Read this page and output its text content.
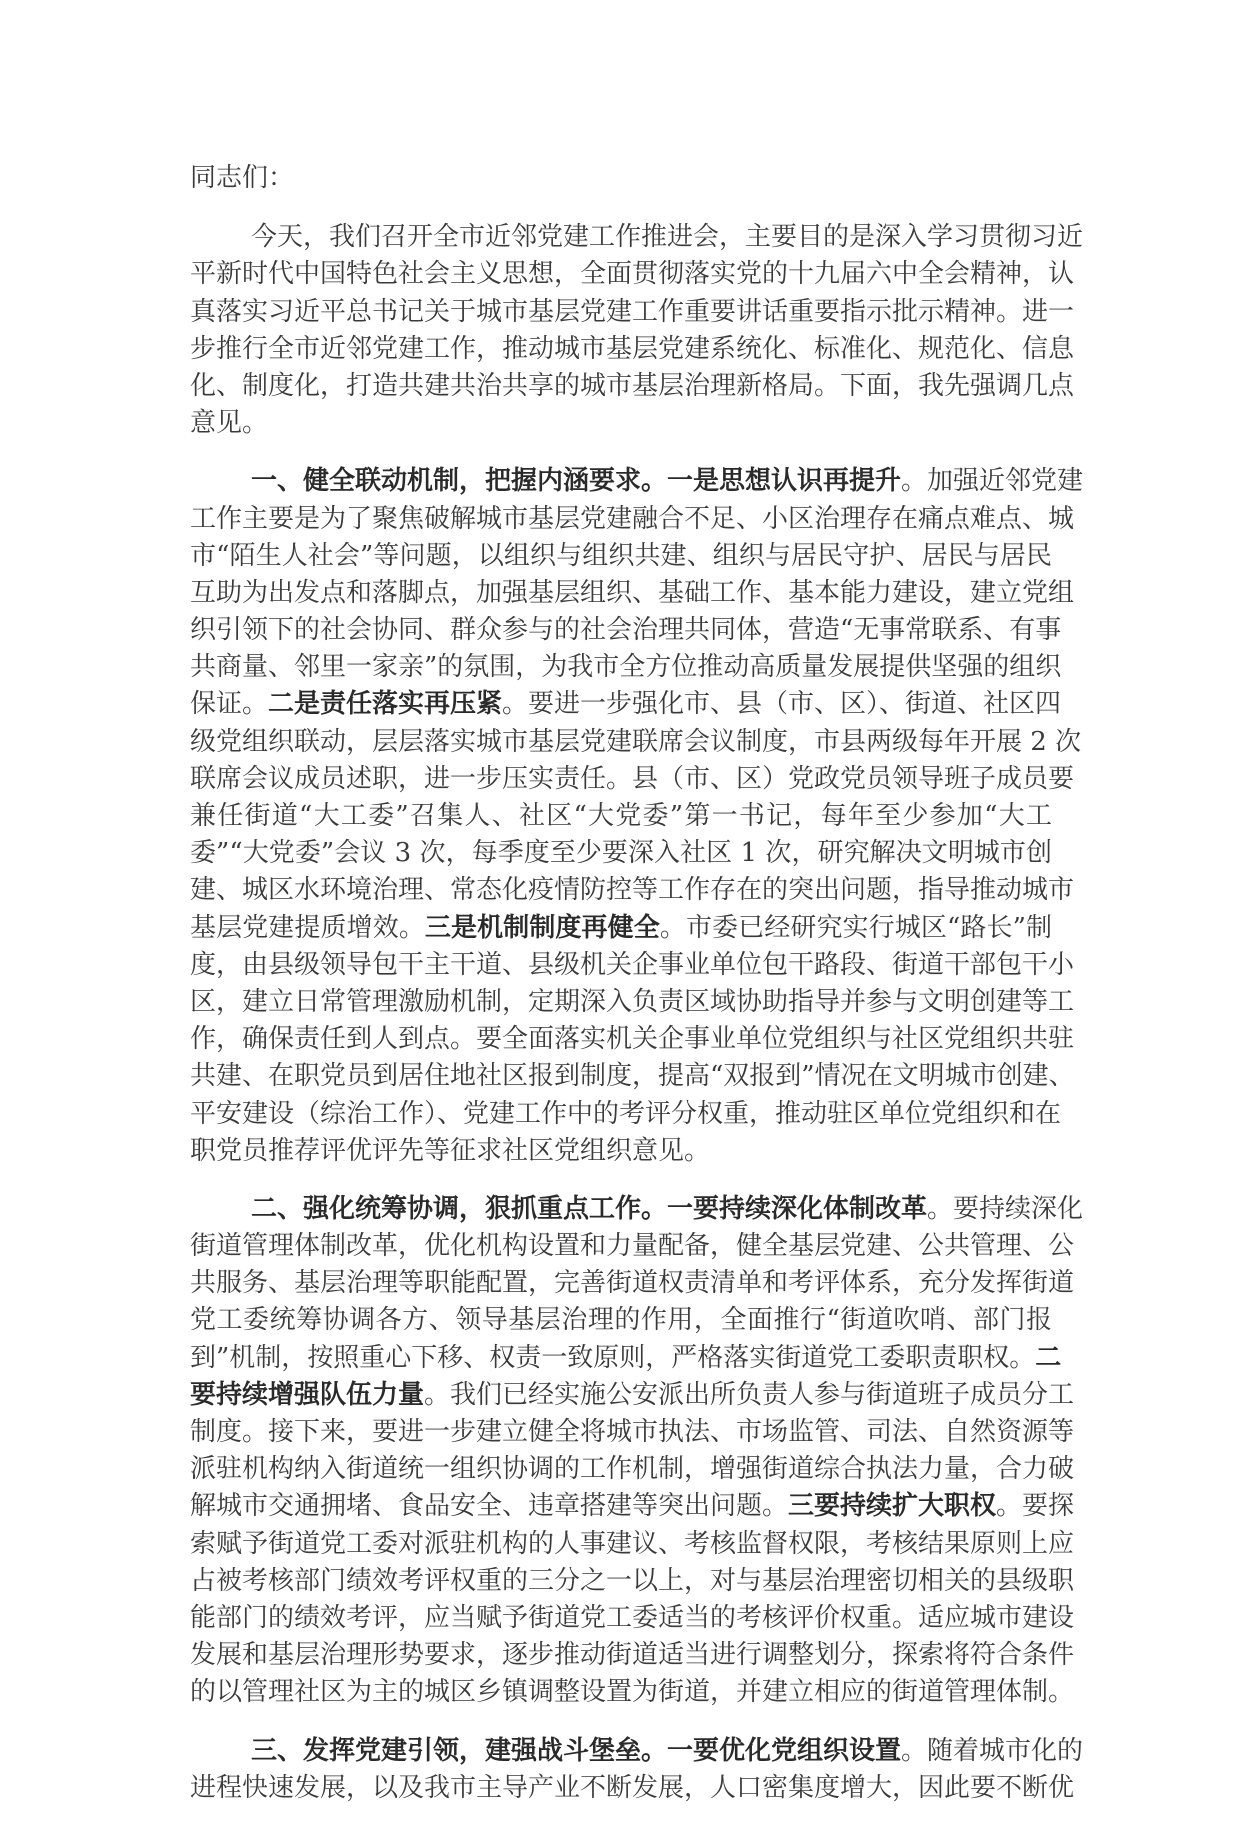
同志们：
今天，我们召开全市近邻党建工作推进会，主要目的是深入学习贯彻习近
平新时代中国特色社会主义思想，全面贯彻落实党的十九届六中全会精神，认
真落实习近平总书记关于城市基层党建工作重要讲话重要指示批示精神。进一
步推行全市近邻党建工作，推动城市基层党建系统化、标准化、规范化、信息
化、制度化，打造共建共治共享的城市基层治理新格局。下面，我先强调几点
意见。
一、健全联动机制，把握内涵要求。一是思想认识再提升。加强近邻党建
工作主要是为了聚焦破解城市基层党建融合不足、小区治理存在痛点难点、城
市“陌生人社会”等问题，以组织与组织共建、组织与居民守护、居民与居民
互助为出发点和落脚点，加强基层组织、基础工作、基本能力建设，建立党组
织引领下的社会协同、群众参与的社会治理共同体，营造“无事常联系、有事
共商量、邻里一家亲”的氛围，为我市全方位推动高质量发展提供坚强的组织
保证。二是责任落实再压紧。要进一步强化市、县（市、区）、街道、社区四
级党组织联动，层层落实城市基层党建联席会议制度，市县两级每年开展 2 次
联席会议成员述职，进一步压实责任。县（市、区）党政党员领导班子成员要
兼任街道“大工委”召集人、社区“大党委”第一书记，每年至少参加“大工
委”“大党委”会议 3 次，每季度至少要深入社区 1 次，研究解决文明城市创
建、城区水环境治理、常态化疫情防控等工作存在的突出问题，指导推动城市
基层党建提质增效。三是机制制度再健全。市委已经研究实行城区“路长”制
度，由县级领导包干主干道、县级机关企事业单位包干路段、街道干部包干小
区，建立日常管理激励机制，定期深入负责区域协助指导并参与文明创建等工
作，确保责任到人到点。要全面落实机关企事业单位党组织与社区党组织共驻
共建、在职党员到居住地社区报到制度，提高“双报到”情况在文明城市创建、
平安建设（综治工作）、党建工作中的考评分权重，推动驻区单位党组织和在
职党员推荐评优评先等征求社区党组织意见。
二、强化统筹协调，狠抓重点工作。一要持续深化体制改革。要持续深化
街道管理体制改革，优化机构设置和力量配备，健全基层党建、公共管理、公
共服务、基层治理等职能配置，完善街道权责清单和考评体系，充分发挥街道
党工委统筹协调各方、领导基层治理的作用，全面推行“街道吹哨、部门报
到”机制，按照重心下移、权责一致原则，严格落实街道党工委职责职权。二
要持续增强队伍力量。我们已经实施公安派出所负责人参与街道班子成员分工
制度。接下来，要进一步建立健全将城市执法、市场监管、司法、自然资源等
派驻机构纳入街道统一组织协调的工作机制，增强街道综合执法力量，合力破
解城市交通拥堵、食品安全、违章搭建等突出问题。三要持续扩大职权。要探
索赋予街道党工委对派驻机构的人事建议、考核监督权限，考核结果原则上应
占被考核部门绩效考评权重的三分之一以上，对与基层治理密切相关的县级职
能部门的绩效考评，应当赋予街道党工委适当的考核评价权重。适应城市建设
发展和基层治理形势要求，逐步推动街道适当进行调整划分，探索将符合条件
的以管理社区为主的城区乡镇调整设置为街道，并建立相应的街道管理体制。
三、发挥党建引领，建强战斗堡垒。一要优化党组织设置。随着城市化的
进程快速发展，以及我市主导产业不断发展，人口密集度增大，因此要不断优
